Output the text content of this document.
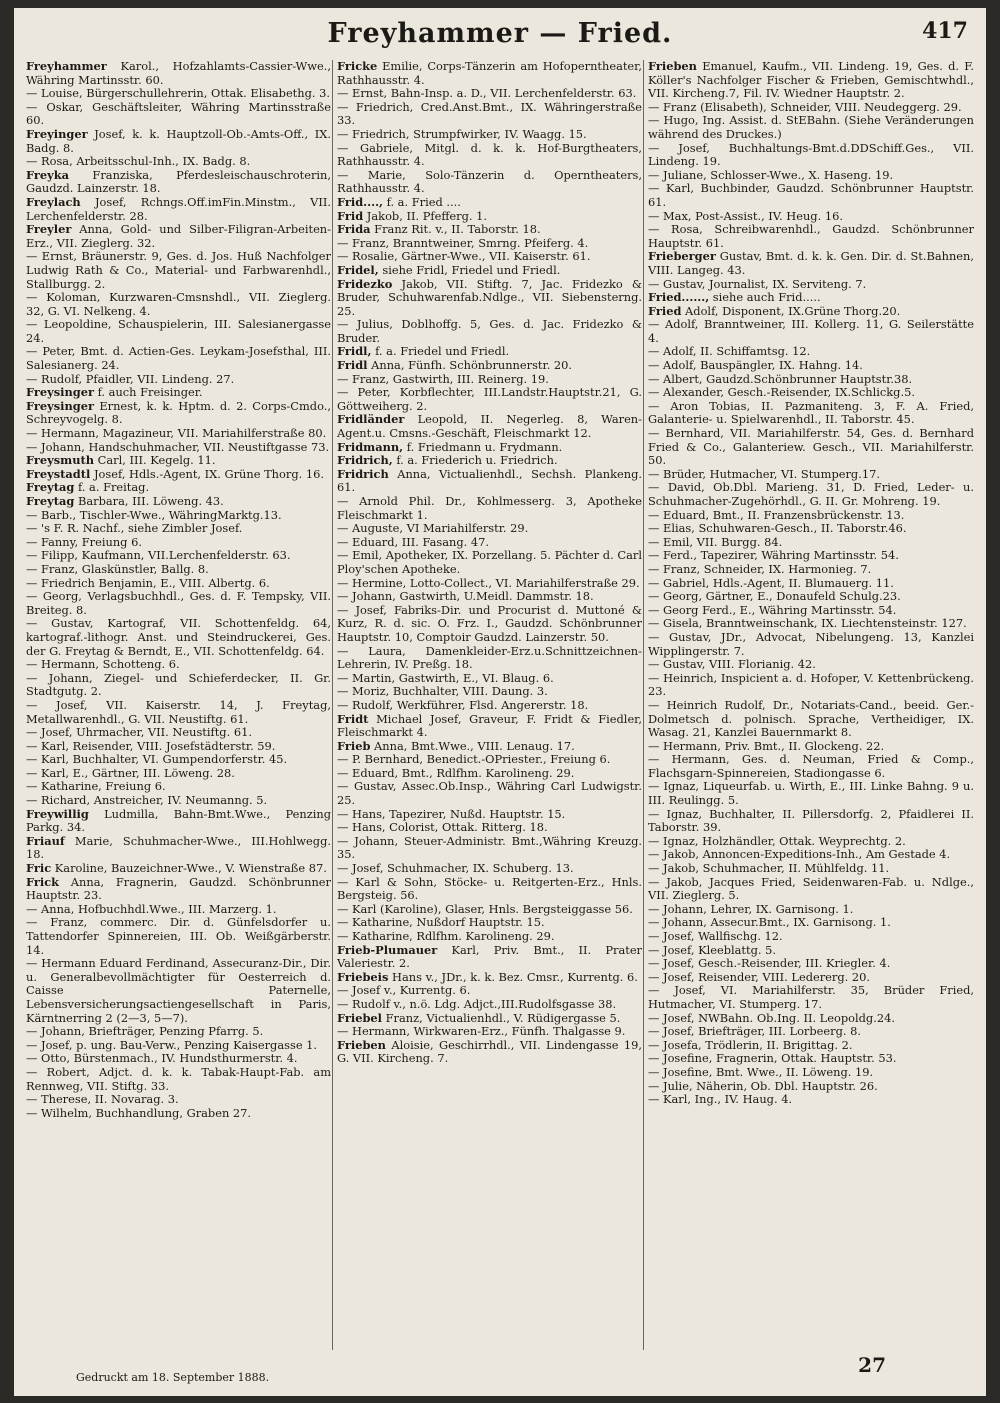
Freyhammer — Fried.	417
Freyhammer Karol., Hofzahlamts-Cassier-Wwe., Währing Martinsstr. 60.
— Louise, Bürgerschullehrerin, Ottak. Elisabethg. 3.
— Oskar, Geschäftsleiter, Währing Martinsstraße 60.
Freyinger Josef, k. k. Hauptzoll-Ob.-Amts-Off., IX. Badg. 8.
— Rosa, Arbeitsschul-Inh., IX. Badg. 8.
Freyka Franziska, Pferdesleischauschroterin, Gaudzd. Lainzerstr. 18.
Freylach Josef, Rchngs.Off.imFin.Minstm., VII. Lerchenfelderstr. 28.
Freyler Anna, Gold- und Silber-Filigran-Arbeiten-Erz., VII. Zieglerg. 32.
— Ernst, Bräunerstr. 9, Ges. d. Jos. Huß Nachfolger Ludwig Rath & Co., Material- und Farbwarenhdl., Stallburgg. 2.
— Koloman, Kurzwaren-Cmsnshdl., VII. Zieglerg. 32, G. VI. Nelkeng. 4.
— Leopoldine, Schauspielerin, III. Salesianergasse 24.
— Peter, Bmt. d. Actien-Ges. Leykam-Josefsthal, III. Salesianerg. 24.
— Rudolf, Pfaidler, VII. Lindeng. 27.
Freysinger f. auch Freisinger.
Freysinger Ernest, k. k. Hptm. d. 2. Corps-Cmdo., Schreyvogelg. 8.
— Hermann, Magazineur, VII. Mariahilferstraße 80.
— Johann, Handschuhmacher, VII. Neustiftgasse 73.
Freysmuth Carl, III. Kegelg. 11.
Freystadtl Josef, Hdls.-Agent, IX. Grüne Thorg. 16.
Freytag f. a. Freitag.
Freytag Barbara, III. Löweng. 43.
— Barb., Tischler-Wwe., WähringMarktg.13.
— 's F. R. Nachf., siehe Zimbler Josef.
— Fanny, Freiung 6.
— Filipp, Kaufmann, VII.Lerchenfelderstr. 63.
— Franz, Glaskünstler, Ballg. 8.
— Friedrich Benjamin, E., VIII. Albertg. 6.
— Georg, Verlagsbuchhdl., Ges. d. F. Tempsky, VII. Breiteg. 8.
— Gustav, Kartograf, VII. Schottenfeldg. 64, kartograf.-lithogr. Anst. und Steindruckerei, Ges. der G. Freytag & Berndt, E., VII. Schottenfeldg. 64.
— Hermann, Schotteng. 6.
— Johann, Ziegel- und Schieferdecker, II. Gr. Stadtgutg. 2.
— Josef, VII. Kaiserstr. 14, J. Freytag, Metallwarenhdl., G. VII. Neustiftg. 61.
— Josef, Uhrmacher, VII. Neustiftg. 61.
— Karl, Reisender, VIII. Josefstädterstr. 59.
— Karl, Buchhalter, VI. Gumpendorferstr. 45.
— Karl, E., Gärtner, III. Löweng. 28.
— Katharine, Freiung 6.
— Richard, Anstreicher, IV. Neumanng. 5.
Freywillig Ludmilla, Bahn-Bmt.Wwe., Penzing Parkg. 34.
Friauf Marie, Schuhmacher-Wwe., III.Hohlwegg. 18.
Fric Karoline, Bauzeichner-Wwe., V. Wienstraße 87.
Frick Anna, Fragnerin, Gaudzd. Schönbrunner Hauptstr. 23.
— Anna, Hofbuchhdl.Wwe., III. Marzerg. 1.
— Franz, commerc. Dir. d. Günfelsdorfer u. Tattendorfer Spinnereien, III. Ob. Weißgärberstr. 14.
— Hermann Eduard Ferdinand, Assecuranz-Dir., Dir. u. Generalbevollmächtigter für Oesterreich d. Caisse Paternelle, Lebensversicherungsactiengesellschaft in Paris, Kärntnerring 2 (2—3, 5—7).
— Johann, Briefträger, Penzing Pfarrg. 5.
— Josef, p. ung. Bau-Verw., Penzing Kaisergasse 1.
— Otto, Bürstenmach., IV. Hundsthurmerstr. 4.
— Robert, Adjct. d. k. k. Tabak-Haupt-Fab. am Rennweg, VII. Stiftg. 33.
— Therese, II. Novarag. 3.
— Wilhelm, Buchhandlung, Graben 27.
Fricke Emilie, Corps-Tänzerin am Hofoperntheater, Rathhausstr. 4.
— Ernst, Bahn-Insp. a. D., VII. Lerchenfelderstr. 63.
— Friedrich, Cred.Anst.Bmt., IX. Währingerstraße 33.
— Friedrich, Strumpfwirker, IV. Waagg. 15.
— Gabriele, Mitgl. d. k. k. Hof-Burgtheaters, Rathhausstr. 4.
— Marie, Solo-Tänzerin d. Operntheaters, Rathhausstr. 4.
Frid...., f. a. Fried ....
Frid Jakob, II. Pfefferg. 1.
Frida Franz Rit. v., II. Taborstr. 18.
— Franz, Branntweiner, Smrng. Pfeiferg. 4.
— Rosalie, Gärtner-Wwe., VII. Kaiserstr. 61.
Fridel, siehe Fridl, Friedel und Friedl.
Fridezko Jakob, VII. Stiftg. 7, Jac. Fridezko & Bruder, Schuhwarenfab.Ndlge., VII. Siebensterng. 25.
— Julius, Doblhoffg. 5, Ges. d. Jac. Fridezko & Bruder.
Fridl, f. a. Friedel und Friedl.
Fridl Anna, Fünfh. Schönbrunnerstr. 20.
— Franz, Gastwirth, III. Reinerg. 19.
— Peter, Korbflechter, III.Landstr.Hauptstr.21, G. Göttweiherg. 2.
Fridländer Leopold, II. Negerleg. 8, Waren-Agent.u. Cmsns.-Geschäft, Fleischmarkt 12.
Fridmann, f. Friedmann u. Frydmann.
Fridrich, f. a. Friederich u. Friedrich.
Fridrich Anna, Victualienhdl., Sechsh. Plankeng. 61.
— Arnold Phil. Dr., Kohlmesserg. 3, Apotheke Fleischmarkt 1.
— Auguste, VI Mariahilferstr. 29.
— Eduard, III. Fasang. 47.
— Emil, Apotheker, IX. Porzellang. 5. Pächter d. Carl Ploy'schen Apotheke.
— Hermine, Lotto-Collect., VI. Mariahilferstraße 29.
— Johann, Gastwirth, U.Meidl. Dammstr. 18.
— Josef, Fabriks-Dir. und Procurist d. Muttoné & Kurz, R. d. sic. O. Frz. I., Gaudzd. Schönbrunner Hauptstr. 10, Comptoir Gaudzd. Lainzerstr. 50.
— Laura, Damenkleider-Erz.u.Schnittzeichnen-Lehrerin, IV. Preßg. 18.
— Martin, Gastwirth, E., VI. Blaug. 6.
— Moriz, Buchhalter, VIII. Daung. 3.
— Rudolf, Werkführer, Flsd. Angererstr. 18.
Fridt Michael Josef, Graveur, F. Fridt & Fiedler, Fleischmarkt 4.
Frieb Anna, Bmt.Wwe., VIII. Lenaug. 17.
— P. Bernhard, Benedict.-OPriester., Freiung 6.
— Eduard, Bmt., Rdlfhm. Karolineng. 29.
— Gustav, Assec.Ob.Insp., Währing Carl Ludwigstr. 25.
— Hans, Tapezirer, Nußd. Hauptstr. 15.
— Hans, Colorist, Ottak. Ritterg. 18.
— Johann, Steuer-Administr. Bmt.,Währing Kreuzg. 35.
— Josef, Schuhmacher, IX. Schuberg. 13.
— Karl & Sohn, Stöcke- u. Reitgerten-Erz., Hnls. Bergsteig. 56.
— Karl (Karoline), Glaser, Hnls. Bergsteiggasse 56.
— Katharine, Nußdorf Hauptstr. 15.
— Katharine, Rdlfhm. Karolineng. 29.
Frieb-Plumauer Karl, Priv. Bmt., II. Prater Valeriestr. 2.
Friebeis Hans v., JDr., k. k. Bez. Cmsr., Kurrentg. 6.
— Josef v., Kurrentg. 6.
— Rudolf v., n.ö. Ldg. Adjct.,III.Rudolfsgasse 38.
Friebel Franz, Victualienhdl., V. Rüdigergasse 5.
— Hermann, Wirkwaren-Erz., Fünfh. Thalgasse 9.
Frieben Aloisie, Geschirrhdl., VII. Lindengasse 19, G. VII. Kircheng. 7.
Frieben Emanuel, Kaufm., VII. Lindeng. 19, Ges. d. F. Köller's Nachfolger Fischer & Frieben, Gemischtwhdl., VII. Kircheng.7, Fil. IV. Wiedner Hauptstr. 2.
— Franz (Elisabeth), Schneider, VIII. Neudeggerg. 29.
— Hugo, Ing. Assist. d. StEBahn. (Siehe Veränderungen während des Druckes.)
— Josef, Buchhaltungs-Bmt.d.DDSchiff.Ges., VII. Lindeng. 19.
— Juliane, Schlosser-Wwe., X. Haseng. 19.
— Karl, Buchbinder, Gaudzd. Schönbrunner Hauptstr. 61.
— Max, Post-Assist., IV. Heug. 16.
— Rosa, Schreibwarenhdl., Gaudzd. Schönbrunner Hauptstr. 61.
Frieberger Gustav, Bmt. d. k. k. Gen. Dir. d. St.Bahnen, VIII. Langeg. 43.
— Gustav, Journalist, IX. Serviteng. 7.
Fried......, siehe auch Frid.....
Fried Adolf, Disponent, IX.Grüne Thorg.20.
— Adolf, Branntweiner, III. Kollerg. 11, G. Seilerstätte 4.
— Adolf, II. Schiffamtsg. 12.
— Adolf, Bauspängler, IX. Hahng. 14.
— Albert, Gaudzd.Schönbrunner Hauptstr.38.
— Alexander, Gesch.-Reisender, IX.Schlickg.5.
— Aron Tobias, II. Pazmaniteng. 3, F. A. Fried, Galanterie- u. Spielwarenhdl., II. Taborstr. 45.
— Bernhard, VII. Mariahilferstr. 54, Ges. d. Bernhard Fried & Co., Galanteriew. Gesch., VII. Mariahilferstr. 50.
— Brüder, Hutmacher, VI. Stumperg.17.
— David, Ob.Dbl. Marieng. 31, D. Fried, Leder- u. Schuhmacher-Zugehörhdl., G. II. Gr. Mohreng. 19.
— Eduard, Bmt., II. Franzensbrückenstr. 13.
— Elias, Schuhwaren-Gesch., II. Taborstr.46.
— Emil, VII. Burgg. 84.
— Ferd., Tapezirer, Währing Martinsstr. 54.
— Franz, Schneider, IX. Harmonieg. 7.
— Gabriel, Hdls.-Agent, II. Blumauerg. 11.
— Georg, Gärtner, E., Donaufeld Schulg.23.
— Georg Ferd., E., Währing Martinsstr. 54.
— Gisela, Branntweinschank, IX. Liechtensteinstr. 127.
— Gustav, JDr., Advocat, Nibelungeng. 13, Kanzlei Wipplingerstr. 7.
— Gustav, VIII. Florianig. 42.
— Heinrich, Inspicient a. d. Hofoper, V. Kettenbrückeng. 23.
— Heinrich Rudolf, Dr., Notariats-Cand., beeid. Ger.-Dolmetsch d. polnisch. Sprache, Vertheidiger, IX. Wasag. 21, Kanzlei Bauernmarkt 8.
— Hermann, Priv. Bmt., II. Glockeng. 22.
— Hermann, Ges. d. Neuman, Fried & Comp., Flachsgarn-Spinnereien, Stadiongasse 6.
— Ignaz, Liqueurfab. u. Wirth, E., III. Linke Bahng. 9 u. III. Reulingg. 5.
— Ignaz, Buchhalter, II. Pillersdorfg. 2, Pfaidlerei II. Taborstr. 39.
— Ignaz, Holzhändler, Ottak. Weyprechtg. 2.
— Jakob, Annoncen-Expeditions-Inh., Am Gestade 4.
— Jakob, Schuhmacher, II. Mühlfeldg. 11.
— Jakob, Jacques Fried, Seidenwaren-Fab. u. Ndlge., VII. Zieglerg. 5.
— Johann, Lehrer, IX. Garnisong. 1.
— Johann, Assecur.Bmt., IX. Garnisong. 1.
— Josef, Wallfischg. 12.
— Josef, Kleeblattg. 5.
— Josef, Gesch.-Reisender, III. Kriegler. 4.
— Josef, Reisender, VIII. Ledererg. 20.
— Josef, VI. Mariahilferstr. 35, Brüder Fried, Hutmacher, VI. Stumperg. 17.
— Josef, NWBahn. Ob.Ing. II. Leopoldg.24.
— Josef, Briefträger, III. Lorbeerg. 8.
— Josefa, Trödlerin, II. Brigittag. 2.
— Josefine, Fragnerin, Ottak. Hauptstr. 53.
— Josefine, Bmt. Wwe., II. Löweng. 19.
— Julie, Näherin, Ob. Dbl. Hauptstr. 26.
— Karl, Ing., IV. Haug. 4.
Gedruckt am 18. September 1888.
27
